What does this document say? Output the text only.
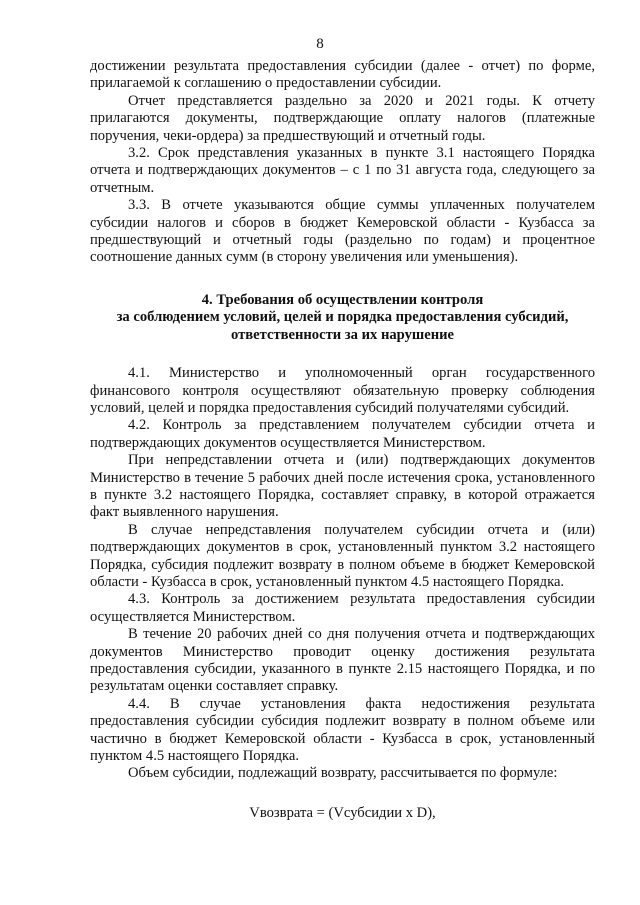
8

достижении результата предоставления субсидии (далее - отчет) по форме, прилагаемой к соглашению о предоставлении субсидии.

Отчет представляется раздельно за 2020 и 2021 годы. К отчету прилагаются документы, подтверждающие оплату налогов (платежные поручения, чеки-ордера) за предшествующий и отчетный годы.

3.2. Срок представления указанных в пункте 3.1 настоящего Порядка отчета и подтверждающих документов – с 1 по 31 августа года, следующего за отчетным.

3.3. В отчете указываются общие суммы уплаченных получателем субсидии налогов и сборов в бюджет Кемеровской области - Кузбасса за предшествующий и отчетный годы (раздельно по годам) и процентное соотношение данных сумм (в сторону увеличения или уменьшения).

4. Требования об осуществлении контроля

за соблюдением условий, целей и порядка предоставления субсидий,

ответственности за их нарушение

4.1. Министерство и уполномоченный орган государственного финансового контроля осуществляют обязательную проверку соблюдения условий, целей и порядка предоставления субсидий получателями субсидий.

4.2. Контроль за представлением получателем субсидии отчета и подтверждающих документов осуществляется Министерством.

При непредставлении отчета и (или) подтверждающих документов Министерство в течение 5 рабочих дней после истечения срока, установленного в пункте 3.2 настоящего Порядка, составляет справку, в которой отражается факт выявленного нарушения.

В случае непредставления получателем субсидии отчета и (или) подтверждающих документов в срок, установленный пунктом 3.2 настоящего Порядка, субсидия подлежит возврату в полном объеме в бюджет Кемеровской области - Кузбасса в срок, установленный пунктом 4.5 настоящего Порядка.

4.3. Контроль за достижением результата предоставления субсидии осуществляется Министерством.

В течение 20 рабочих дней со дня получения отчета и подтверждающих документов Министерство проводит оценку достижения результата предоставления субсидии, указанного в пункте 2.15 настоящего Порядка, и по результатам оценки составляет справку.

4.4. В случае установления факта недостижения результата предоставления субсидии субсидия подлежит возврату в полном объеме или частично в бюджет Кемеровской области - Кузбасса в срок, установленный пунктом 4.5 настоящего Порядка.

Объем субсидии, подлежащий возврату, рассчитывается по формуле:

Vвозврата = (Vсубсидии x D),
